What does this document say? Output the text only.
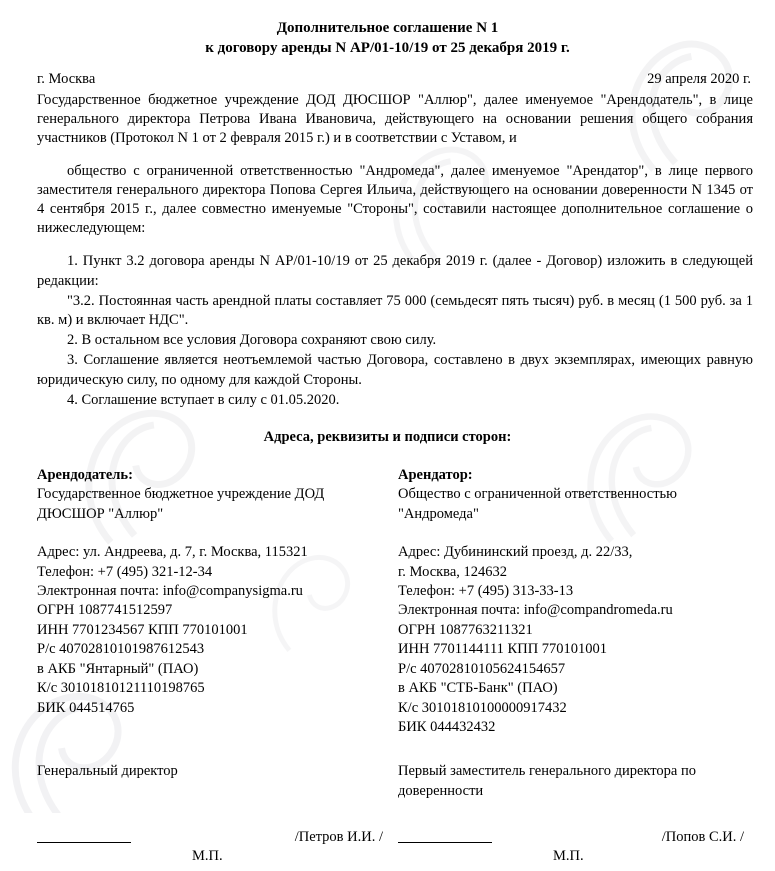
Дополнительное соглашение N 1
к договору аренды N АР/01-10/19 от 25 декабря 2019 г.
г. Москва	29 апреля 2020 г.

Государственное бюджетное учреждение ДОД ДЮСШОР "Аллюр", далее именуемое "Арендодатель", в лице генерального директора Петрова Ивана Ивановича, действующего на основании решения общего собрания участников (Протокол N 1 от 2 февраля 2015 г.) и в соответствии с Уставом, и

общество с ограниченной ответственностью "Андромеда", далее именуемое "Арендатор", в лице первого заместителя генерального директора Попова Сергея Ильича, действующего на основании доверенности N 1345 от 4 сентября 2015 г., далее совместно именуемые "Стороны", составили настоящее дополнительное соглашение о нижеследующем:

1. Пункт 3.2 договора аренды N АР/01-10/19 от 25 декабря 2019 г. (далее - Договор) изложить в следующей редакции:

"3.2. Постоянная часть арендной платы составляет 75 000 (семьдесят пять тысяч) руб. в месяц (1 500 руб. за 1 кв. м) и включает НДС".

2. В остальном все условия Договора сохраняют свою силу.

3. Соглашение является неотъемлемой частью Договора, составлено в двух экземплярах, имеющих равную юридическую силу, по одному для каждой Стороны.

4. Соглашение вступает в силу с 01.05.2020.

Адреса, реквизиты и подписи сторон:

Арендодатель:

Государственное бюджетное учреждение ДОД

ДЮСШОР "Аллюр"

Адрес: ул. Андреева, д. 7, г. Москва, 115321

Телефон: +7 (495) 321-12-34

Электронная почта: info@companysigma.ru

ОГРН 1087741512597

ИНН 7701234567 КПП 770101001

Р/с 40702810101987612543

в АКБ "Янтарный" (ПАО)

К/с 30101810121110198765

БИК 044514765

Арендатор:

Общество с ограниченной ответственностью

"Андромеда"

Адрес: Дубининский проезд, д. 22/33,

г. Москва, 124632

Телефон: +7 (495) 313-33-13

Электронная почта: info@compandromeda.ru

ОГРН 1087763211321

ИНН 7701144111 КПП 770101001

Р/с 40702810105624154657

в АКБ "СТБ-Банк" (ПАО)

К/с 30101810100000917432

БИК 044432432

Генеральный директор	Первый заместитель генерального директора по
доверенности
М.П.
/Петров И.И. /
М.П.
/Попов С.И. /
